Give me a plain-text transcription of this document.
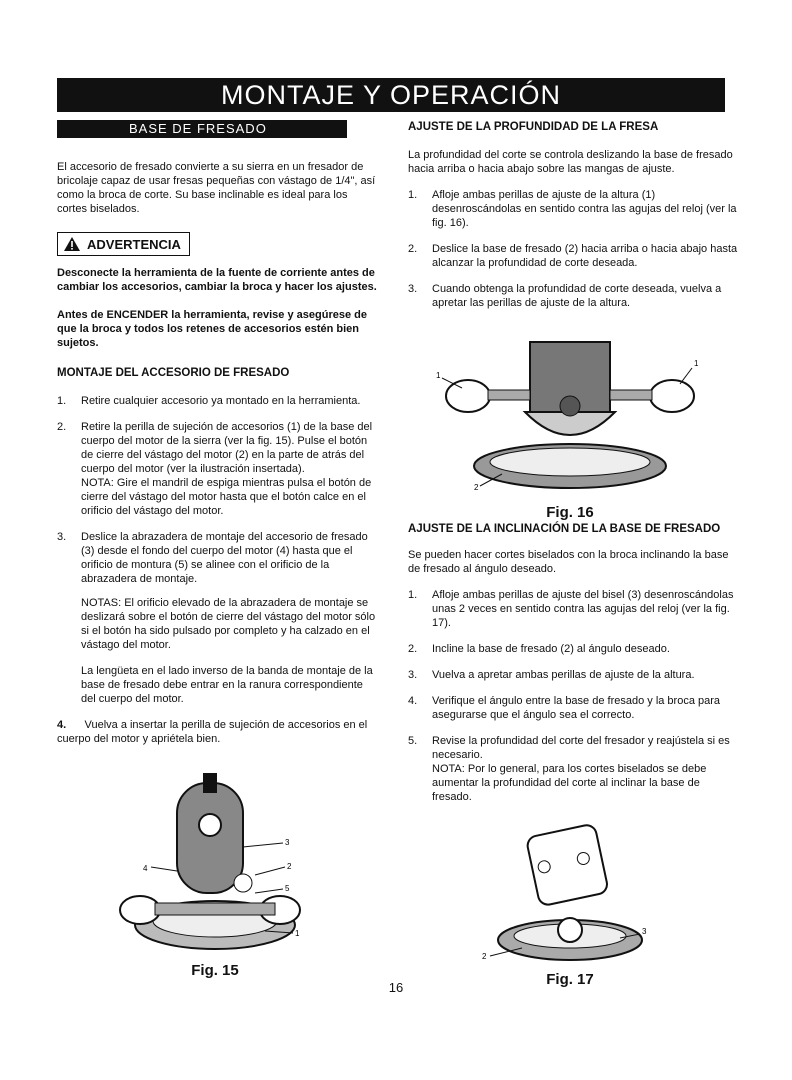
MONTAJE Y OPERACIÓN
BASE DE FRESADO

El accesorio de fresado convierte a su sierra en un fresador de bricolaje capaz de usar fresas pequeñas con vástago de 1/4", así como la broca de corte. Su base inclinable es ideal para los cortes biselados.

ADVERTENCIA

Desconecte la herramienta de la fuente de corriente antes de cambiar los accesorios, cambiar la broca y hacer los ajustes.

Antes de ENCENDER la herramienta, revise y asegúrese de que la broca y todos los retenes de accesorios estén bien sujetos.

MONTAJE DEL ACCESORIO DE FRESADO

1. Retire cualquier accesorio ya montado en la herramienta.
2. Retire la perilla de sujeción de accesorios (1) de la base del cuerpo del motor de la sierra (ver la fig. 15). Pulse el botón de cierre del vástago del motor (2) en la parte de atrás del cuerpo del motor (ver la ilustración insertada).
NOTA: Gire el mandril de espiga mientras pulsa el botón de cierre del vástago del motor hasta que el botón calce en el orificio del vástago del motor.
3. Deslice la abrazadera de montaje del accesorio de fresado (3) desde el fondo del cuerpo del motor (4) hasta que el orificio de montura (5) se alinee con el orificio de la abrazadera de montaje.

NOTAS: El orificio elevado de la abrazadera de montaje se deslizará sobre el botón de cierre del vástago del motor sólo si el botón ha sido pulsado por completo y ha calzado en el vástago del motor.

La lengüeta en el lado inverso de la banda de montaje de la base de fresado debe entrar en la ranura correspondiente del cuerpo del motor.

4. Vuelva a insertar la perilla de sujeción de accesorios en el cuerpo del motor y apriétela bien.

4
3
2
5
1
Fig. 15

AJUSTE DE LA PROFUNDIDAD DE LA FRESA

La profundidad del corte se controla deslizando la base de fresado hacia arriba o hacia abajo sobre las mangas de ajuste.

1. Afloje ambas perillas de ajuste de la altura (1) desenroscándolas en sentido contra las agujas del reloj (ver la fig. 16).
2. Deslice la base de fresado (2) hacia arriba o hacia abajo hasta alcanzar la profundidad de corte deseada.
3. Cuando obtenga la profundidad de corte deseada, vuelva a apretar las perillas de ajuste de la altura.
1
1
2
Fig. 16

AJUSTE DE LA INCLINACIÓN DE LA BASE DE FRESADO

Se pueden hacer cortes biselados con la broca inclinando la base de fresado al ángulo deseado.

1. Afloje ambas perillas de ajuste del bisel (3) desenroscándolas unas 2 veces en sentido contra las agujas del reloj (ver la fig. 17).
2. Incline la base de fresado (2) al ángulo deseado.
3. Vuelva a apretar ambas perillas de ajuste de la altura.
4. Verifique el ángulo entre la base de fresado y la broca para asegurarse que el ángulo sea el correcto.
5. Revise la profundidad del corte del fresador y reajústela si es necesario.
NOTA: Por lo general, para los cortes biselados se debe aumentar la profundidad del corte al inclinar la base de fresado.
2
3
Fig. 17
16
